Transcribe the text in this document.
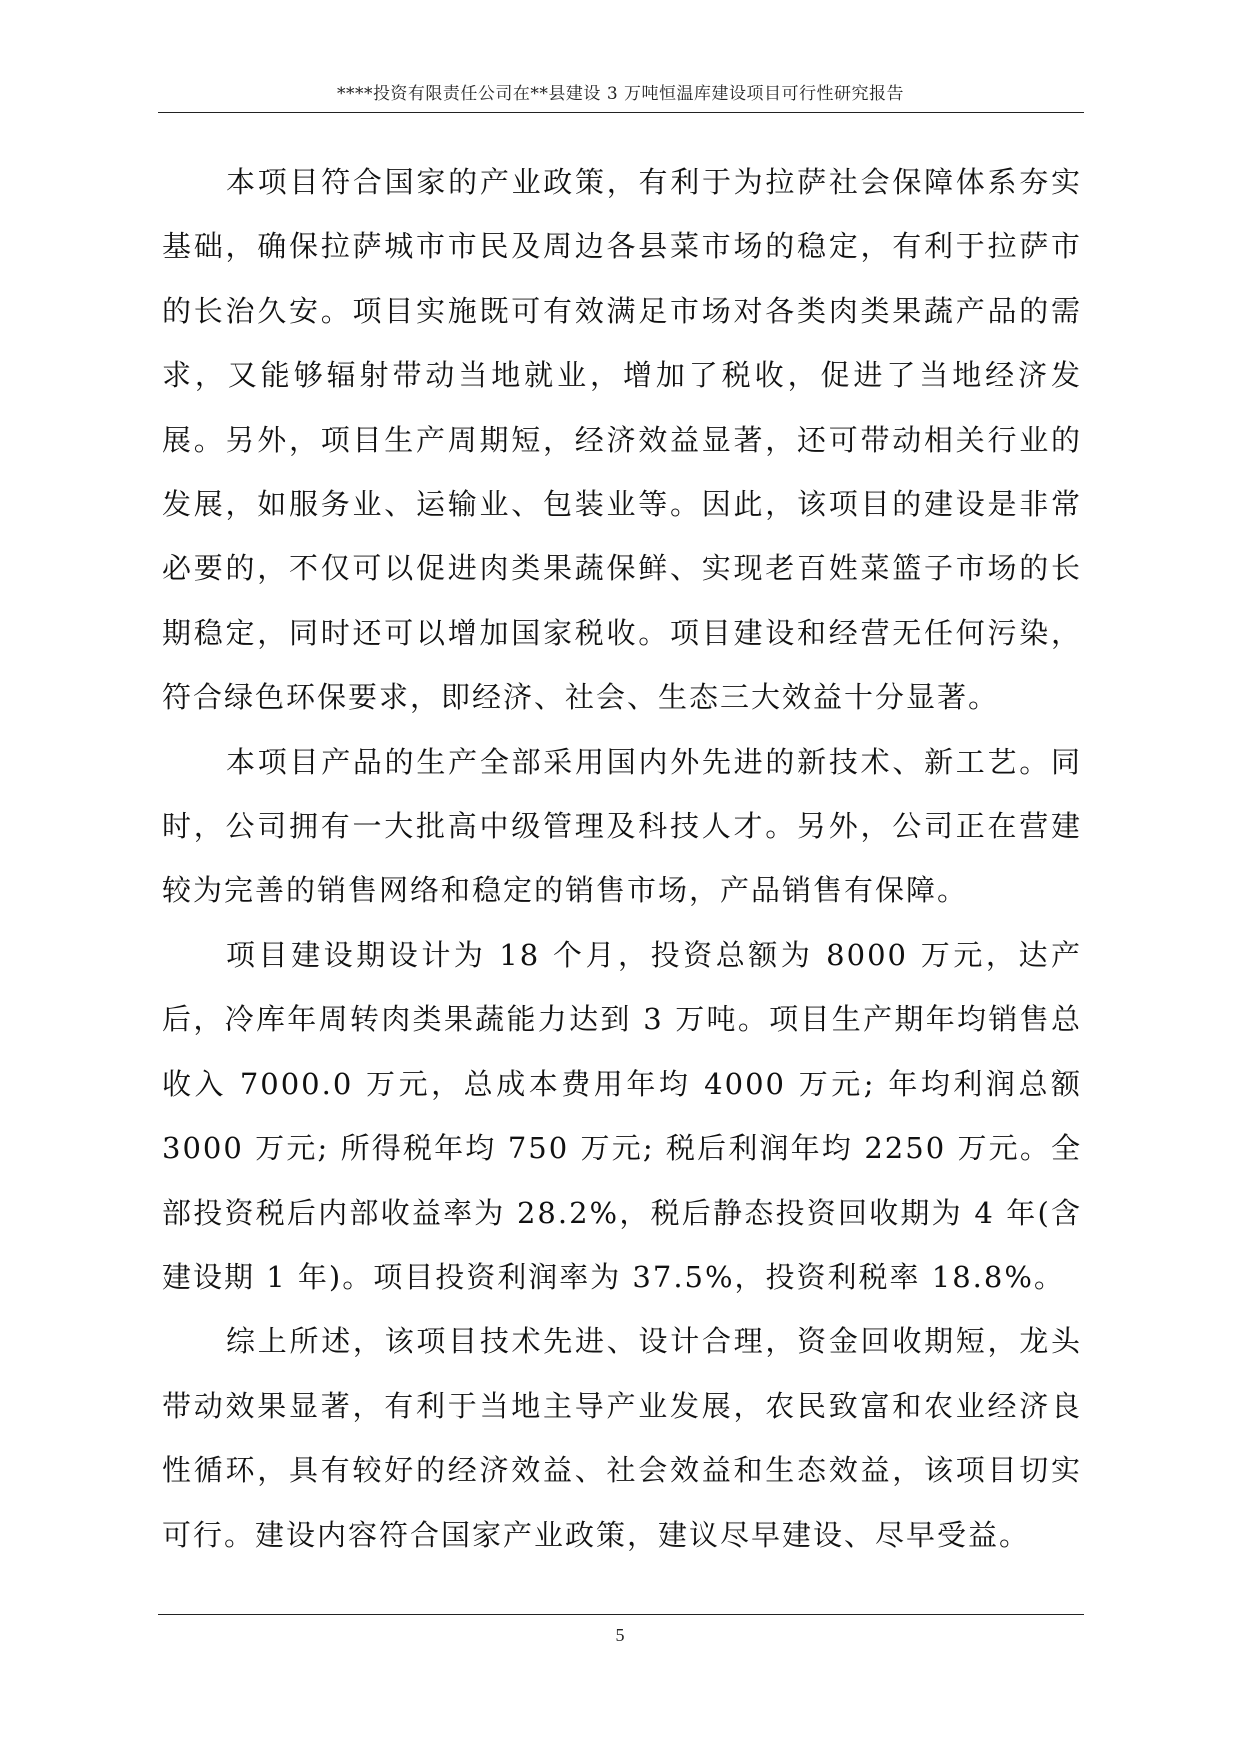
****投资有限责任公司在**县建设 3 万吨恒温库建设项目可行性研究报告

本项目符合国家的产业政策，有利于为拉萨社会保障体系夯实基础，确保拉萨城市市民及周边各县菜市场的稳定，有利于拉萨市的长治久安。项目实施既可有效满足市场对各类肉类果蔬产品的需求，又能够辐射带动当地就业，增加了税收，促进了当地经济发展。另外，项目生产周期短，经济效益显著，还可带动相关行业的发展，如服务业、运输业、包装业等。因此，该项目的建设是非常必要的，不仅可以促进肉类果蔬保鲜、实现老百姓菜篮子市场的长期稳定，同时还可以增加国家税收。项目建设和经营无任何污染，符合绿色环保要求，即经济、社会、生态三大效益十分显著。

本项目产品的生产全部采用国内外先进的新技术、新工艺。同时，公司拥有一大批高中级管理及科技人才。另外，公司正在营建较为完善的销售网络和稳定的销售市场，产品销售有保障。

项目建设期设计为 18 个月，投资总额为 8000 万元，达产后，冷库年周转肉类果蔬能力达到 3 万吨。项目生产期年均销售总收入 7000.0 万元，总成本费用年均 4000 万元; 年均利润总额 3000 万元; 所得税年均 750 万元; 税后利润年均 2250 万元。全部投资税后内部收益率为 28.2%，税后静态投资回收期为 4 年(含建设期 1 年)。项目投资利润率为 37.5%，投资利税率 18.8%。

综上所述，该项目技术先进、设计合理，资金回收期短，龙头带动效果显著，有利于当地主导产业发展，农民致富和农业经济良性循环，具有较好的经济效益、社会效益和生态效益，该项目切实可行。建设内容符合国家产业政策，建议尽早建设、尽早受益。

5
